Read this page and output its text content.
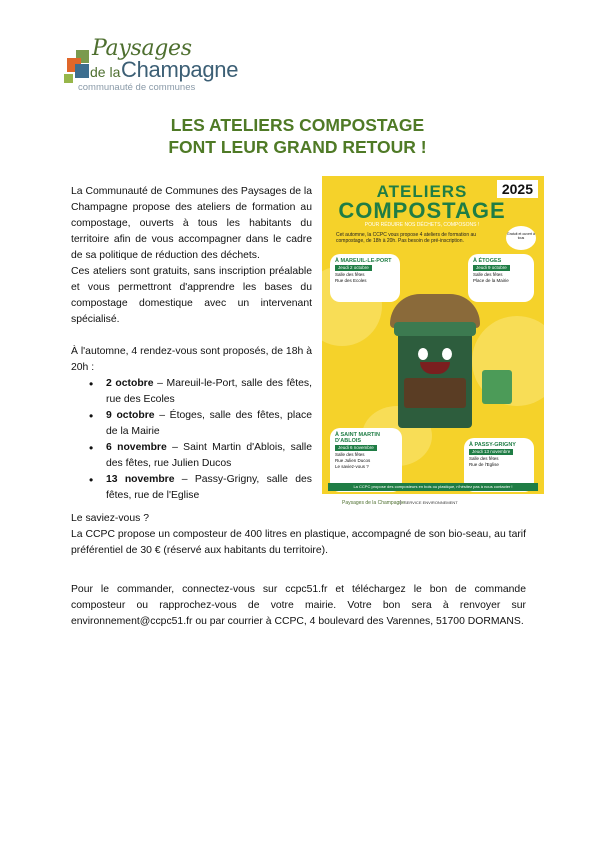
Paysages
de la Champagne
communauté de communes
LES ATELIERS COMPOSTAGE
FONT LEUR GRAND RETOUR !
La Communauté de Communes des Paysages de la Champagne propose des ateliers de formation au compostage, ouverts à tous les habitants du territoire afin de vous accompagner dans le cadre de sa politique de réduction des déchets.
Ces ateliers sont gratuits, sans inscription préalable et vous permettront d'apprendre les bases du compostage domestique avec un intervenant spécialisé.
À l'automne, 4 rendez-vous sont proposés, de 18h à 20h :
• 2 octobre – Mareuil-le-Port, salle des fêtes, rue des Ecoles
• 9 octobre – Étoges, salle des fêtes, place de la Mairie
• 6 novembre – Saint Martin d'Ablois, salle des fêtes, rue Julien Ducos
• 13 novembre – Passy-Grigny, salle des fêtes, rue de l'Eglise
Le saviez-vous ?
La CCPC propose un composteur de 400 litres en plastique, accompagné de son bio-seau, au tarif préférentiel de 30 € (réservé aux habitants du territoire).
Pour le commander, connectez-vous sur ccpc51.fr et téléchargez le bon de commande composteur ou rapprochez-vous de votre mairie. Votre bon sera à renvoyer sur environnement@ccpc51.fr ou par courrier à CCPC, 4 boulevard des Varennes, 51700 DORMANS.
ATELIERS
COMPOSTAGE
2025
POUR RÉDUIRE NOS DÉCHETS, COMPOSONS !
Cet automne, la CCPC vous propose 4 ateliers de formation au compostage, de 18h à 20h. Pas besoin de pré-inscription.
Gratuit et ouvert à tous
À MAREUIL-LE-PORT
Jeudi 2 octobre
Salle des fêtes
Rue des Ecoles
À ÉTOGES
Jeudi 9 octobre
Salle des fêtes
Place de la Mairie
À SAINT MARTIN D'ABLOIS
Jeudi 6 novembre
Salle des fêtes
Rue Julien Ducos
Le saviez-vous ?
À PASSY-GRIGNY
Jeudi 13 novembre
Salle des fêtes
Rue de l'Eglise
La CCPC propose des composteurs en bois ou plastique, n'hésitez pas à nous contacter !
Paysages de la Champagne SERVICE ENVIRONNEMENT
